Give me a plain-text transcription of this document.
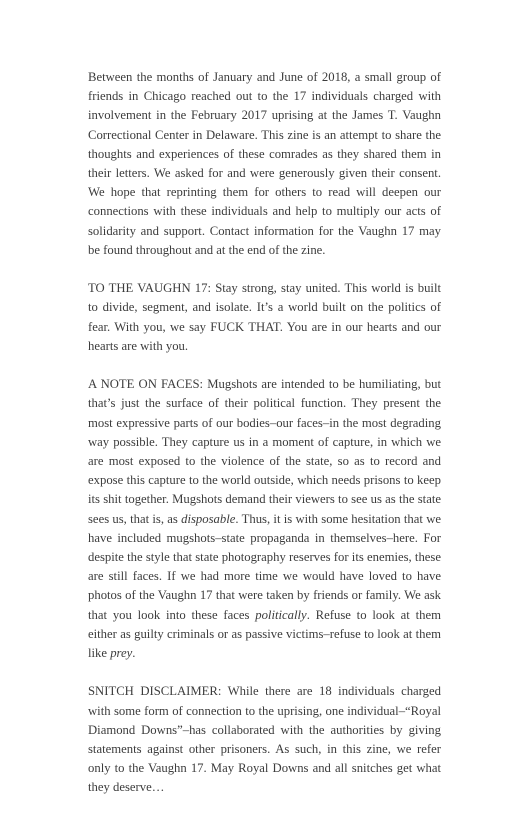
Between the months of January and June of 2018, a small group of friends in Chicago reached out to the 17 individuals charged with involvement in the February 2017 uprising at the James T. Vaughn Correctional Center in Delaware. This zine is an attempt to share the thoughts and experiences of these comrades as they shared them in their letters. We asked for and were generously given their consent. We hope that reprinting them for others to read will deepen our connections with these individuals and help to multiply our acts of solidarity and support. Contact information for the Vaughn 17 may be found throughout and at the end of the zine.

TO THE VAUGHN 17: Stay strong, stay united. This world is built to divide, segment, and isolate. It’s a world built on the politics of fear. With you, we say FUCK THAT. You are in our hearts and our hearts are with you.

A NOTE ON FACES: Mugshots are intended to be humiliating, but that’s just the surface of their political function. They present the most expressive parts of our bodies–our faces–in the most degrading way possible. They capture us in a moment of capture, in which we are most exposed to the violence of the state, so as to record and expose this capture to the world outside, which needs prisons to keep its shit together. Mugshots demand their viewers to see us as the state sees us, that is, as disposable. Thus, it is with some hesitation that we have included mugshots–state propaganda in themselves–here. For despite the style that state photography reserves for its enemies, these are still faces. If we had more time we would have loved to have photos of the Vaughn 17 that were taken by friends or family. We ask that you look into these faces politically. Refuse to look at them either as guilty criminals or as passive victims–refuse to look at them like prey.

SNITCH DISCLAIMER: While there are 18 individuals charged with some form of connection to the uprising, one individual–“Royal Diamond Downs”–has collaborated with the authorities by giving statements against other prisoners. As such, in this zine, we refer only to the Vaughn 17. May Royal Downs and all snitches get what they deserve…
